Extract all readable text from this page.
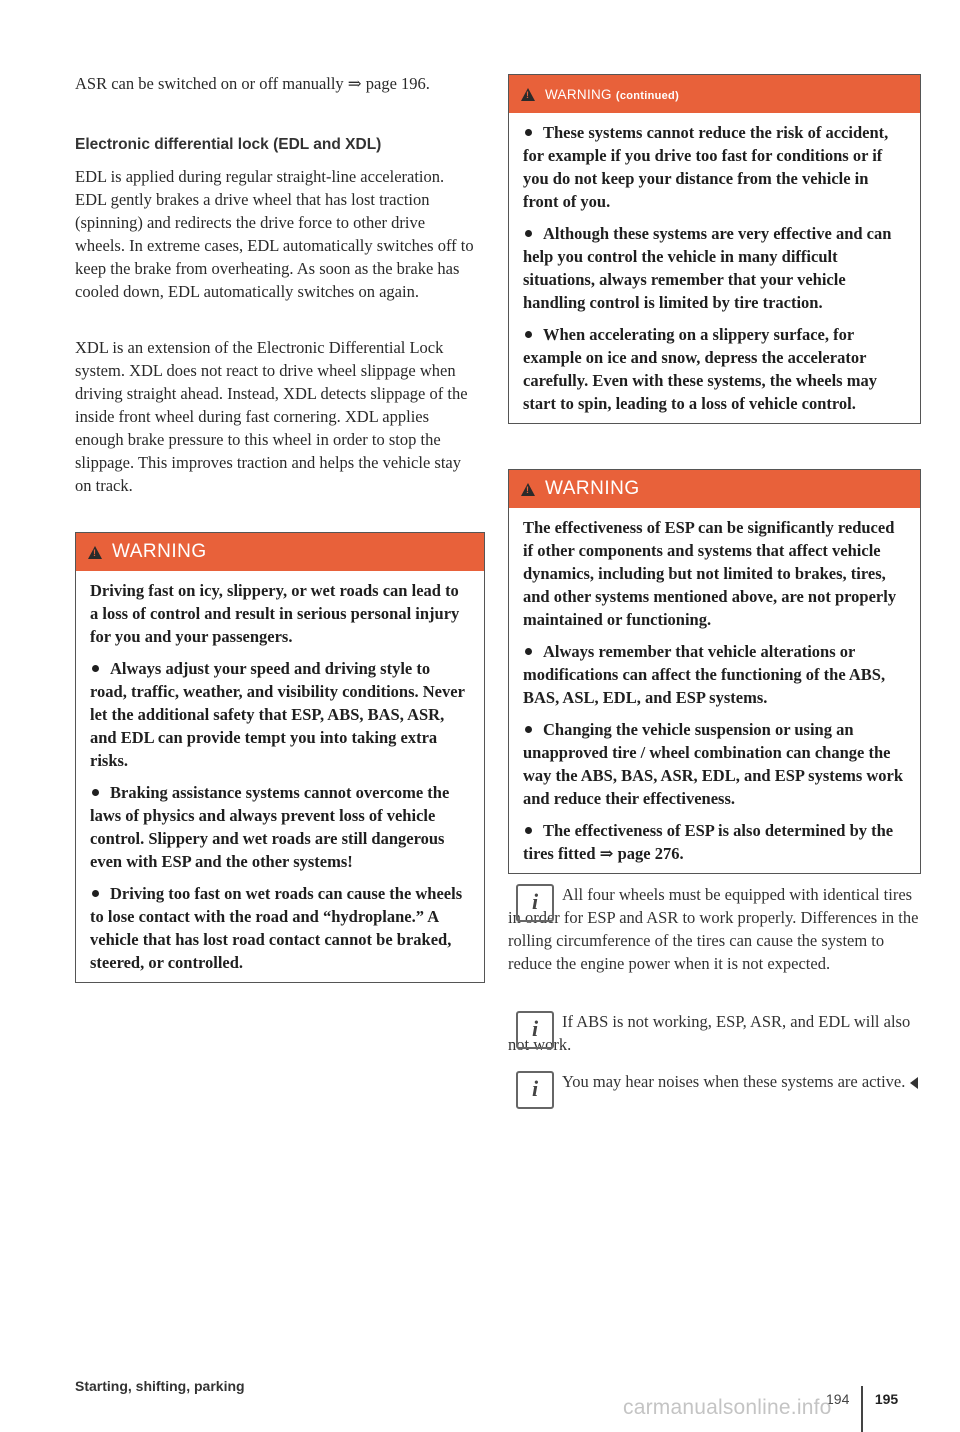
ASR can be switched on or off manually ⇒ page 196.

Electronic differential lock (EDL and XDL)

EDL is applied during regular straight-line acceleration. EDL gently brakes a drive wheel that has lost traction (spinning) and redirects the drive force to other drive wheels. In extreme cases, EDL automatically switches off to keep the brake from overheating. As soon as the brake has cooled down, EDL automatically switches on again.

XDL is an extension of the Electronic Differential Lock system. XDL does not react to drive wheel slippage when driving straight ahead. Instead, XDL detects slippage of the inside front wheel during fast cornering. XDL applies enough brake pressure to this wheel in order to stop the slippage. This improves traction and helps the vehicle stay on track.

!
WARNING

Driving fast on icy, slippery, or wet roads can lead to a loss of control and result in serious personal injury for you and your passengers.

Always adjust your speed and driving style to road, traffic, weather, and visibility conditions. Never let the additional safety that ESP, ABS, BAS, ASR, and EDL can provide tempt you into taking extra risks.

Braking assistance systems cannot overcome the laws of physics and always prevent loss of vehicle control. Slippery and wet roads are still dangerous even with ESP and the other systems!

Driving too fast on wet roads can cause the wheels to lose contact with the road and “hydroplane.” A vehicle that has lost road contact cannot be braked, steered, or controlled.

!
WARNING (continued)

These systems cannot reduce the risk of accident, for example if you drive too fast for conditions or if you do not keep your distance from the vehicle in front of you.

Although these systems are very effective and can help you control the vehicle in many difficult situations, always remember that your vehicle handling control is limited by tire traction.

When accelerating on a slippery surface, for example on ice and snow, depress the accelerator carefully. Even with these systems, the wheels may start to spin, leading to a loss of vehicle control.

!
WARNING

The effectiveness of ESP can be significantly reduced if other components and systems that affect vehicle dynamics, including but not limited to brakes, tires, and other systems mentioned above, are not properly maintained or functioning.

Always remember that vehicle alterations or modifications can affect the functioning of the ABS, BAS, ASL, EDL, and ESP systems.

Changing the vehicle suspension or using an unapproved tire / wheel combination can change the way the ABS, BAS, ASR, EDL, and ESP systems work and reduce their effectiveness.

The effectiveness of ESP is also determined by the tires fitted ⇒ page 276.

i	All four wheels must be equipped with identical tires in order for ESP and ASR to work properly. Differences in the rolling circumference of the tires can cause the system to reduce the engine power when it is not expected.

i	If ABS is not working, ESP, ASR, and EDL will also not work.

i	You may hear noises when these systems are active.

Starting, shifting, parking
194 195
carmanualsonline.info
